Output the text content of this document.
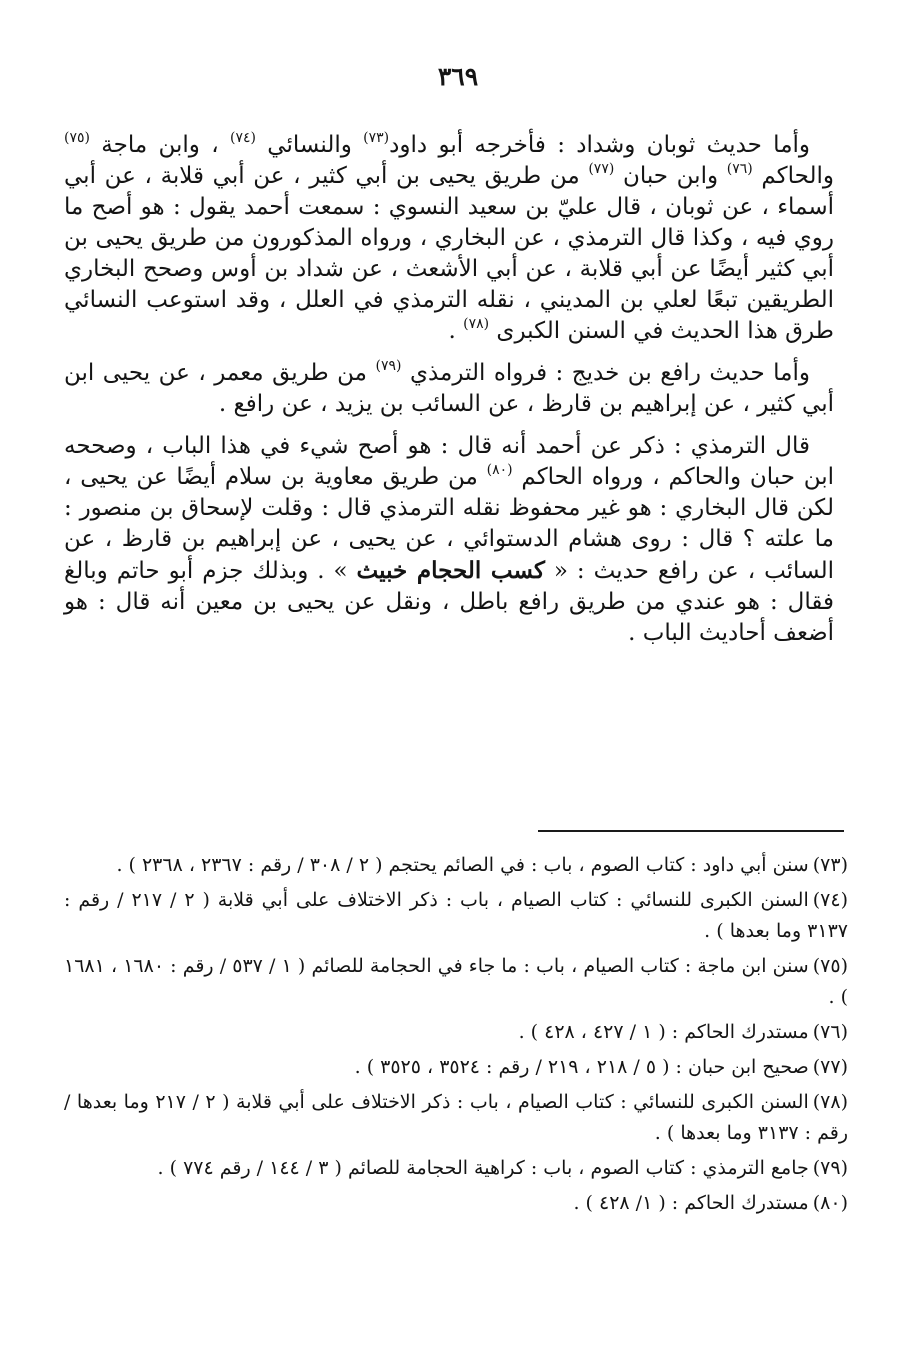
٣٦٩

وأما حديث ثوبان وشداد : فأخرجه أبو داود$^{(٧٣)}$ والنسائي $^{(٧٤)}$ ، وابن ماجة $^{(٧٥)}$ والحاكم $^{(٧٦)}$ وابن حبان $^{(٧٧)}$ من طريق يحيى بن أبي كثير ، عن أبي قلابة ، عن أبي أسماء ، عن ثوبان ، قال عليّ بن سعيد النسوي : سمعت أحمد يقول : هو أصح ما روي فيه ، وكذا قال الترمذي ، عن البخاري ، ورواه المذكورون من طريق يحيى بن أبي كثير أيضًا عن أبي قلابة ، عن أبي الأشعث ، عن شداد بن أوس وصحح البخاري الطريقين تبعًا لعلي بن المديني ، نقله الترمذي في العلل ، وقد استوعب النسائي طرق هذا الحديث في السنن الكبرى $^{(٧٨)}$ .

وأما حديث رافع بن خديج : فرواه الترمذي $^{(٧٩)}$ من طريق معمر ، عن يحيى ابن أبي كثير ، عن إبراهيم بن قارظ ، عن السائب بن يزيد ، عن رافع .

قال الترمذي : ذكر عن أحمد أنه قال : هو أصح شيء في هذا الباب ، وصححه ابن حبان والحاكم ، ورواه الحاكم $^{(٨٠)}$ من طريق معاوية بن سلام أيضًا عن يحيى ، لكن قال البخاري : هو غير محفوظ نقله الترمذي قال : وقلت لإسحاق بن منصور : ما علته ؟ قال : روى هشام الدستوائي ، عن يحيى ، عن إبراهيم بن قارظ ، عن السائب ، عن رافع حديث : « كسب الحجام خبيث » . وبذلك جزم أبو حاتم وبالغ فقال : هو عندي من طريق رافع باطل ، ونقل عن يحيى بن معين أنه قال : هو أضعف أحاديث الباب .

(٧٣)سنن أبي داود : كتاب الصوم ، باب : في الصائم يحتجم ( ٢ / ٣٠٨ / رقم : ٢٣٦٧ ، ٢٣٦٨ ) .
(٧٤)السنن الكبرى للنسائي : كتاب الصيام ، باب : ذكر الاختلاف على أبي قلابة ( ٢ / ٢١٧ / رقم : ٣١٣٧ وما بعدها ) .
(٧٥)سنن ابن ماجة : كتاب الصيام ، باب : ما جاء في الحجامة للصائم ( ١ / ٥٣٧ / رقم : ١٦٨٠ ، ١٦٨١ ) .
(٧٦)مستدرك الحاكم : ( ١ / ٤٢٧ ، ٤٢٨ ) .
(٧٧)صحيح ابن حبان : ( ٥ / ٢١٨ ، ٢١٩ / رقم : ٣٥٢٤ ، ٣٥٢٥ ) .
(٧٨)السنن الكبرى للنسائي : كتاب الصيام ، باب : ذكر الاختلاف على أبي قلابة ( ٢ / ٢١٧ وما بعدها / رقم : ٣١٣٧ وما بعدها ) .
(٧٩)جامع الترمذي : كتاب الصوم ، باب : كراهية الحجامة للصائم ( ٣ / ١٤٤ / رقم ٧٧٤ ) .
(٨٠)مستدرك الحاكم : ( ١/ ٤٢٨ ) .
